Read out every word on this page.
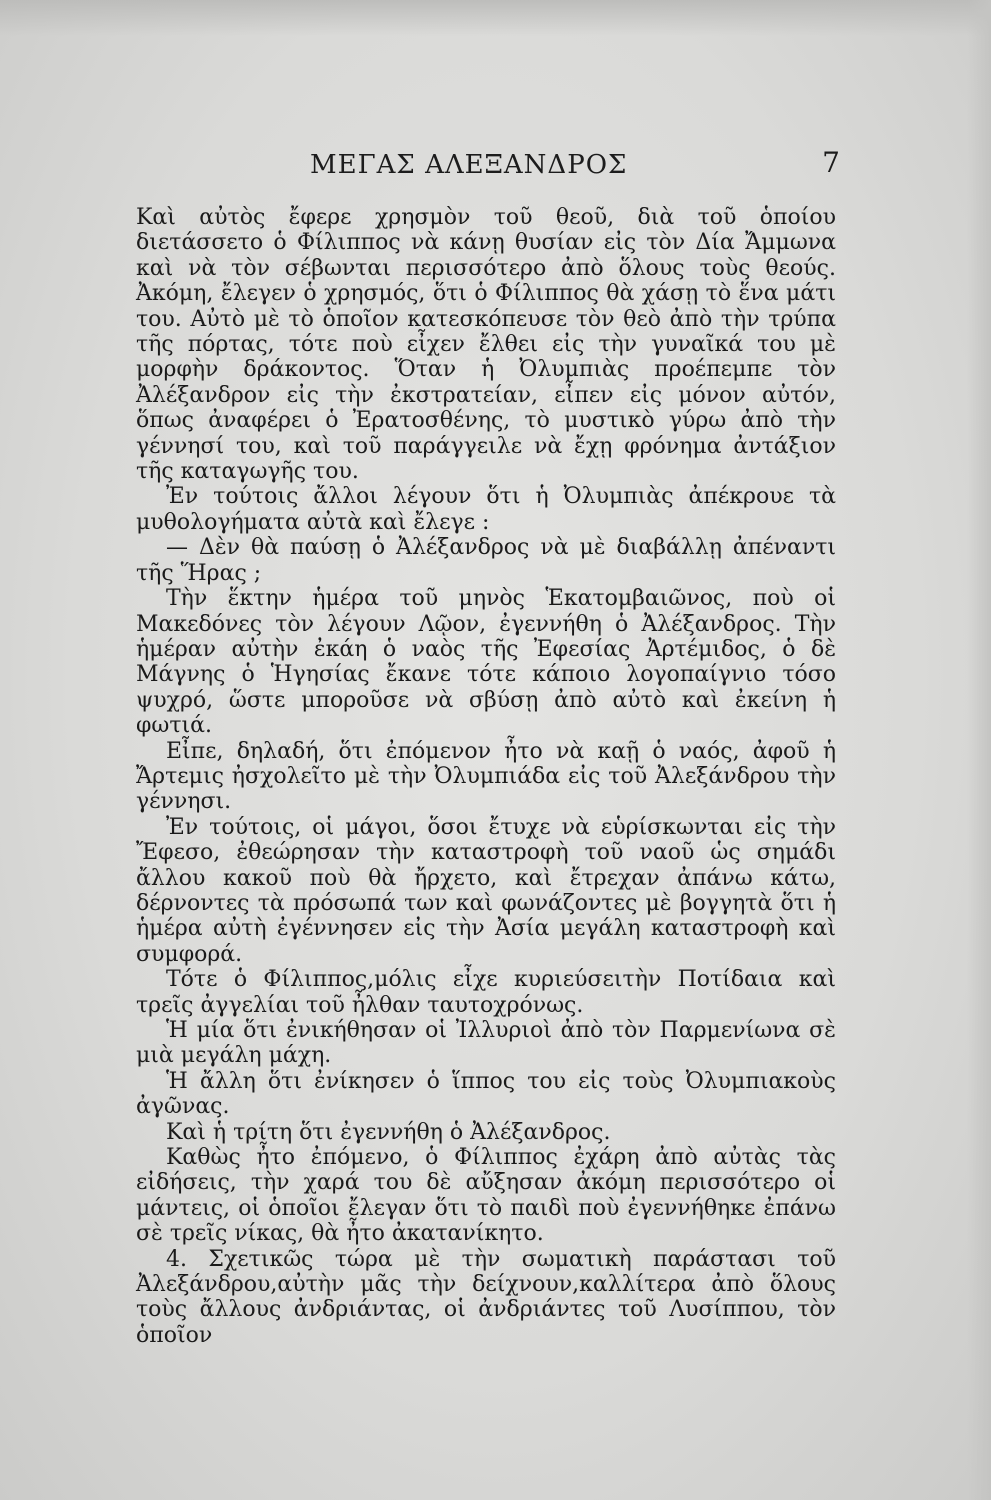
ΜΕΓΑΣ ΑΛΕΞΑΝΔΡΟΣ	7

Καὶ αὐτὸς ἔφερε χρησμὸν τοῦ θεοῦ, διὰ τοῦ ὁποίου διετάσσετο ὁ Φίλιππος νὰ κάνῃ θυσίαν εἰς τὸν Δία Ἄμμωνα καὶ νὰ τὸν σέβωνται περισσότερο ἀπὸ ὅλους τοὺς θεούς. Ἀκόμη, ἔλεγεν ὁ χρησμός, ὅτι ὁ Φίλιππος θὰ χάσῃ τὸ ἕνα μάτι του. Αὐτὸ μὲ τὸ ὁποῖον κατεσκόπευσε τὸν θεὸ ἀπὸ τὴν τρύπα τῆς πόρτας, τότε ποὺ εἶχεν ἔλθει εἰς τὴν γυναῖκά του μὲ μορφὴν δράκοντος. Ὅταν ἡ Ὀλυμπιὰς προέπεμπε τὸν Ἀλέξανδρον εἰς τὴν ἐκστρατείαν, εἶπεν εἰς μόνον αὐτόν, ὅπως ἀναφέρει ὁ Ἐρατοσθένης, τὸ μυστικὸ γύρω ἀπὸ τὴν γέννησί του, καὶ τοῦ παράγγειλε νὰ ἔχῃ φρόνημα ἀντάξιον τῆς καταγωγῆς του.

Ἐν τούτοις ἄλλοι λέγουν ὅτι ἡ Ὀλυμπιὰς ἀπέκρουε τὰ μυθολογήματα αὐτὰ καὶ ἔλεγε :

— Δὲν θὰ παύσῃ ὁ Ἀλέξανδρος νὰ μὲ διαβάλλῃ ἀπέναντι τῆς Ἥρας ;

Τὴν ἕκτην ἡμέρα τοῦ μηνὸς Ἑκατομβαιῶνος, ποὺ οἱ Μακεδόνες τὸν λέγουν Λῷον, ἐγεννήθη ὁ Ἀλέξανδρος. Τὴν ἡμέραν αὐτὴν ἐκάη ὁ ναὸς τῆς Ἐφεσίας Ἀρτέμιδος, ὁ δὲ Μάγνης ὁ Ἡγησίας ἔκανε τότε κάποιο λογοπαίγνιο τόσο ψυχρό, ὥστε μποροῦσε νὰ σβύσῃ ἀπὸ αὐτὸ καὶ ἐκείνη ἡ φωτιά.

Εἶπε, δηλαδή, ὅτι ἐπόμενον ἦτο νὰ καῇ ὁ ναός, ἀφοῦ ἡ Ἄρτεμις ἠσχολεῖτο μὲ τὴν Ὀλυμπιάδα εἰς τοῦ Ἀλεξάνδρου τὴν γέννησι.

Ἐν τούτοις, οἱ μάγοι, ὅσοι ἔτυχε νὰ εὑρίσκωνται εἰς τὴν Ἔφεσο, ἐθεώρησαν τὴν καταστροφὴ τοῦ ναοῦ ὡς σημάδι ἄλλου κακοῦ ποὺ θὰ ἤρχετο, καὶ ἔτρεχαν ἀπάνω κάτω, δέρνοντες τὰ πρόσωπά των καὶ φωνάζοντες μὲ βογγητὰ ὅτι ἡ ἡμέρα αὐτὴ ἐγέννησεν εἰς τὴν Ἀσία μεγάλη καταστροφὴ καὶ συμφορά.

Τότε ὁ Φίλιππος,μόλις εἶχε κυριεύσειτὴν Ποτίδαια καὶ τρεῖς ἀγγελίαι τοῦ ἦλθαν ταυτοχρόνως.

Ἡ μία ὅτι ἐνικήθησαν οἱ Ἰλλυριοὶ ἀπὸ τὸν Παρμενίωνα σὲ μιὰ μεγάλη μάχη.

Ἡ ἄλλη ὅτι ἐνίκησεν ὁ ἵππος του εἰς τοὺς Ὀλυμπιακοὺς ἀγῶνας.

Καὶ ἡ τρίτη ὅτι ἐγεννήθη ὁ Ἀλέξανδρος.

Καθὼς ἦτο ἐπόμενο, ὁ Φίλιππος ἐχάρη ἀπὸ αὐτὰς τὰς εἰδήσεις, τὴν χαρά του δὲ αὔξησαν ἀκόμη περισσότερο οἱ μάντεις, οἱ ὁποῖοι ἔλεγαν ὅτι τὸ παιδὶ ποὺ ἐγεννήθηκε ἐπάνω σὲ τρεῖς νίκας, θὰ ἦτο ἀκατανίκητο.

4. Σχετικῶς τώρα μὲ τὴν σωματικὴ παράστασι τοῦ Ἀλεξάνδρου,αὐτὴν μᾶς τὴν δείχνουν,καλλίτερα ἀπὸ ὅλους τοὺς ἄλλους ἀνδριάντας, οἱ ἀνδριάντες τοῦ Λυσίππου, τὸν ὁποῖον
